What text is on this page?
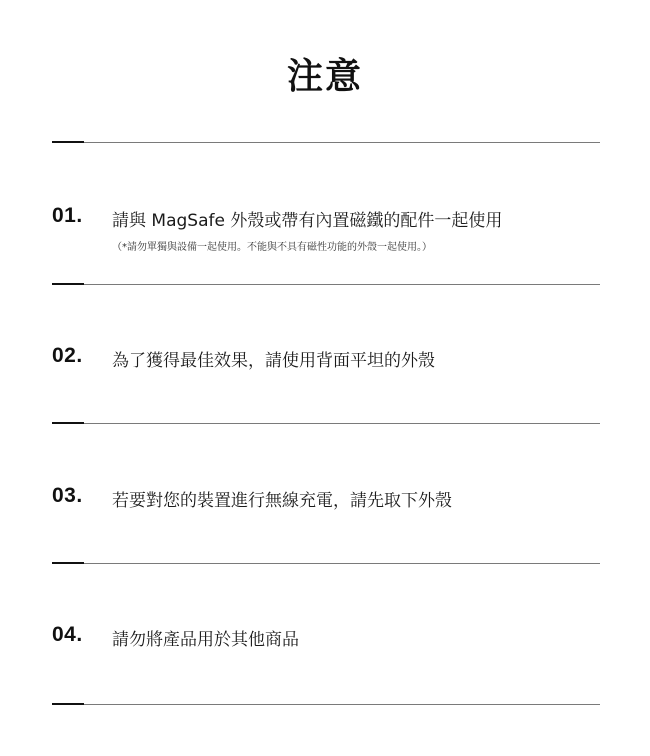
注意
01. 請與 MagSafe 外殼或帶有內置磁鐵的配件一起使用
（*請勿單獨與設備一起使用。不能與不具有磁性功能的外殼一起使用。）
02. 為了獲得最佳效果，請使用背面平坦的外殼
03. 若要對您的裝置進行無線充電，請先取下外殼
04. 請勿將產品用於其他商品
